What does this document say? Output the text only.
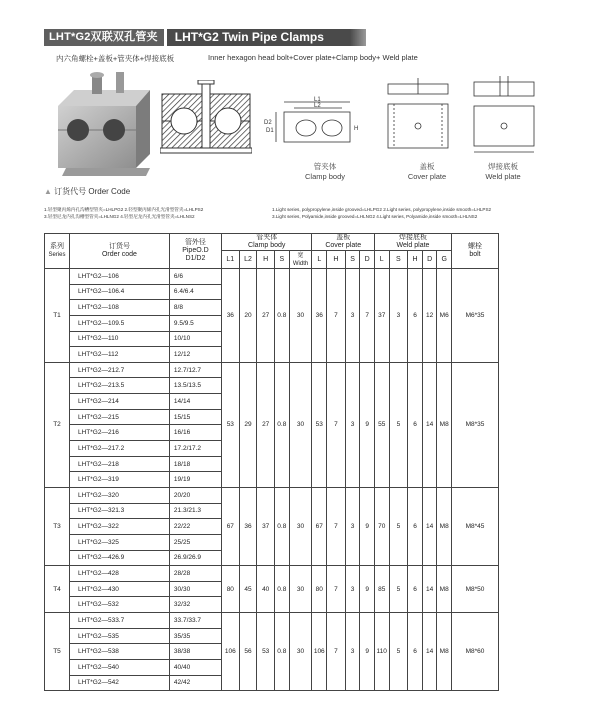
LHT*G2双联双孔管夹	LHT*G2 Twin Pipe Clamps
内六角螺栓+盖板+管夹体+焊接底板	Inner hexagon head bolt+Cover plate+Clamp body+ Weld plate
L1
L2
D2
D1	H
管夹体
Clamp body
盖板
Cover plate
焊接底板
Weld plate
▲ 订货代号 Order Code
1.轻型聚丙烯内孔沟槽型管夹=LHLPG2 2.轻型聚丙烯内孔光滑型管夹=LHLPS2
3.轻型尼龙内孔沟槽型管夹=LHLNG2 4.轻型尼龙内孔光滑型管夹=LHLNS2
1.Light series, polypropylene,inside grooved=LHLPG2 2.Light series, polypropylene,inside smooth=LHLPS2
3.Light series, Polyamide,inside grooved=LHLNG2 4.Light series, Polyamide,inside smooth=LHLNS2
系列
Series	订货号
Order code	管外径
PipeO.D
D1/D2	管夹体
Clamp body					盖板
Cover plate				焊接底板
Weld plate					螺栓
bolt
			L1	L2	H	S	宽
Width	L	H	S	D	L	S	H	D	G	
T1	LHT*G2—106	6/6	36	20	27	0.8	30	36	7	3	7	37	3	6	12	M6	M6*35
	LHT*G2—106.4	6.4/6.4															
	LHT*G2—108	8/8															
	LHT*G2—109.5	9.5/9.5															
	LHT*G2—110	10/10															
	LHT*G2—112	12/12															
T2	LHT*G2—212.7	12.7/12.7	53	29	27	0.8	30	53	7	3	9	55	5	6	14	M8	M8*35
	LHT*G2—213.5	13.5/13.5															
	LHT*G2—214	14/14															
	LHT*G2—215	15/15															
	LHT*G2—216	16/16															
	LHT*G2—217.2	17.2/17.2															
	LHT*G2—218	18/18															
	LHT*G2—319	19/19															
T3	LHT*G2—320	20/20	67	36	37	0.8	30	67	7	3	9	70	5	6	14	M8	M8*45
	LHT*G2—321.3	21.3/21.3															
	LHT*G2—322	22/22															
	LHT*G2—325	25/25															
	LHT*G2—426.9	26.9/26.9															
T4	LHT*G2—428	28/28	80	45	40	0.8	30	80	7	3	9	85	5	6	14	M8	M8*50
	LHT*G2—430	30/30															
	LHT*G2—532	32/32															
T5	LHT*G2—533.7	33.7/33.7	106	56	53	0.8	30	106	7	3	9	110	5	6	14	M8	M8*60
	LHT*G2—535	35/35															
	LHT*G2—538	38/38															
	LHT*G2—540	40/40															
	LHT*G2—542	42/42															
